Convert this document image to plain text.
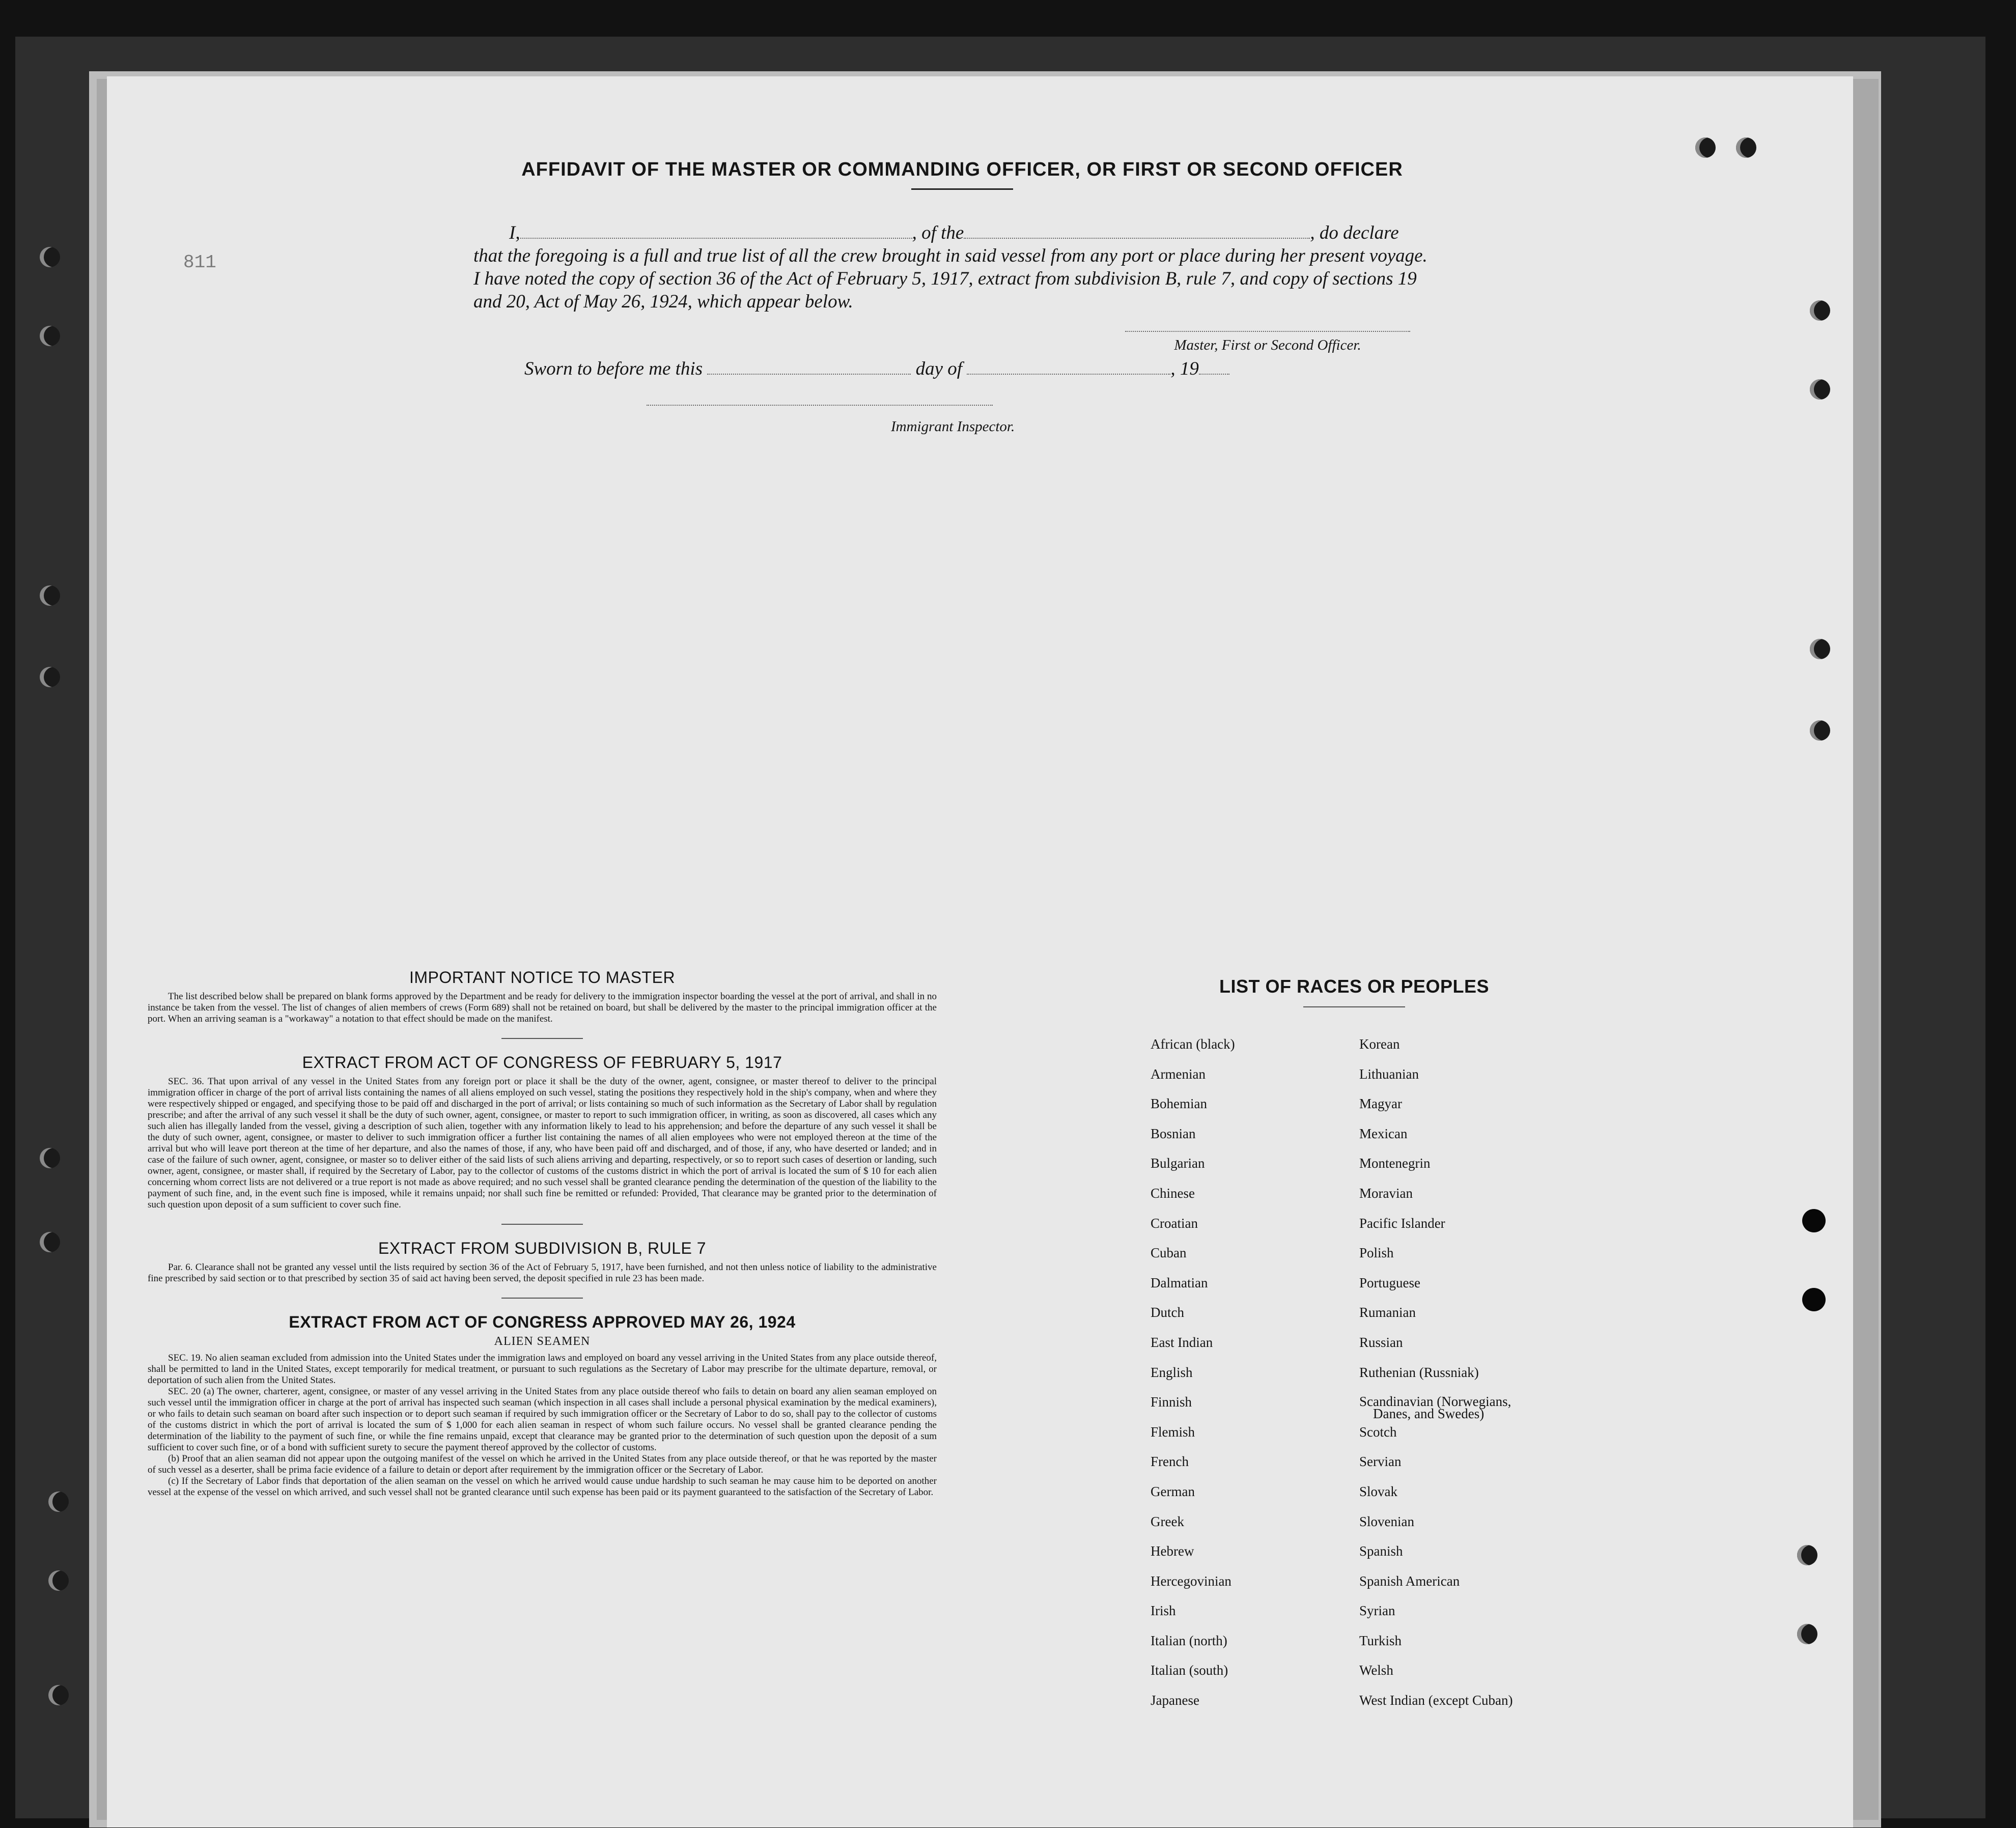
811
AFFIDAVIT OF THE MASTER OR COMMANDING OFFICER, OR FIRST OR SECOND OFFICER
I,	, of the	, do declare
that the foregoing is a full and true list of all the crew brought in said vessel from any port or place during her present voyage.
I have noted the copy of section 36 of the Act of February 5, 1917, extract from subdivision B, rule 7, and copy of sections 19
and 20, Act of May 26, 1924, which appear below.
Master, First or Second Officer.
Sworn to before me this	day of	, 19
Immigrant Inspector.

IMPORTANT NOTICE TO MASTER

The list described below shall be prepared on blank forms approved by the Department and be ready for delivery to the immigration inspector boarding the vessel at the port of arrival, and shall in no instance be taken from the vessel. The list of changes of alien members of crews (Form 689) shall not be retained on board, but shall be delivered by the master to the principal immigration officer at the port. When an arriving seaman is a "workaway" a notation to that effect should be made on the manifest.

EXTRACT FROM ACT OF CONGRESS OF FEBRUARY 5, 1917

SEC. 36. That upon arrival of any vessel in the United States from any foreign port or place it shall be the duty of the owner, agent, consignee, or master thereof to deliver to the principal immigration officer in charge of the port of arrival lists containing the names of all aliens employed on such vessel, stating the positions they respectively hold in the ship's company, when and where they were respectively shipped or engaged, and specifying those to be paid off and discharged in the port of arrival; or lists containing so much of such information as the Secretary of Labor shall by regulation prescribe; and after the arrival of any such vessel it shall be the duty of such owner, agent, consignee, or master to report to such immigration officer, in writing, as soon as discovered, all cases which any such alien has illegally landed from the vessel, giving a description of such alien, together with any information likely to lead to his apprehension; and before the departure of any such vessel it shall be the duty of such owner, agent, consignee, or master to deliver to such immigration officer a further list containing the names of all alien employees who were not employed thereon at the time of the arrival but who will leave port thereon at the time of her departure, and also the names of those, if any, who have been paid off and discharged, and of those, if any, who have deserted or landed; and in case of the failure of such owner, agent, consignee, or master so to deliver either of the said lists of such aliens arriving and departing, respectively, or so to report such cases of desertion or landing, such owner, agent, consignee, or master shall, if required by the Secretary of Labor, pay to the collector of customs of the customs district in which the port of arrival is located the sum of $ 10 for each alien concerning whom correct lists are not delivered or a true report is not made as above required; and no such vessel shall be granted clearance pending the determination of the question of the liability to the payment of such fine, and, in the event such fine is imposed, while it remains unpaid; nor shall such fine be remitted or refunded: Provided, That clearance may be granted prior to the determination of such question upon deposit of a sum sufficient to cover such fine.

EXTRACT FROM SUBDIVISION B, RULE 7

Par. 6. Clearance shall not be granted any vessel until the lists required by section 36 of the Act of February 5, 1917, have been furnished, and not then unless notice of liability to the administrative fine prescribed by said section or to that prescribed by section 35 of said act having been served, the deposit specified in rule 23 has been made.

EXTRACT FROM ACT OF CONGRESS APPROVED MAY 26, 1924

ALIEN SEAMEN

SEC. 19. No alien seaman excluded from admission into the United States under the immigration laws and employed on board any vessel arriving in the United States from any place outside thereof, shall be permitted to land in the United States, except temporarily for medical treatment, or pursuant to such regulations as the Secretary of Labor may prescribe for the ultimate departure, removal, or deportation of such alien from the United States.

SEC. 20 (a) The owner, charterer, agent, consignee, or master of any vessel arriving in the United States from any place outside thereof who fails to detain on board any alien seaman employed on such vessel until the immigration officer in charge at the port of arrival has inspected such seaman (which inspection in all cases shall include a personal physical examination by the medical examiners), or who fails to detain such seaman on board after such inspection or to deport such seaman if required by such immigration officer or the Secretary of Labor to do so, shall pay to the collector of customs of the customs district in which the port of arrival is located the sum of $ 1,000 for each alien seaman in respect of whom such failure occurs. No vessel shall be granted clearance pending the determination of the liability to the payment of such fine, or while the fine remains unpaid, except that clearance may be granted prior to the determination of such question upon the deposit of a sum sufficient to cover such fine, or of a bond with sufficient surety to secure the payment thereof approved by the collector of customs.

(b) Proof that an alien seaman did not appear upon the outgoing manifest of the vessel on which he arrived in the United States from any place outside thereof, or that he was reported by the master of such vessel as a deserter, shall be prima facie evidence of a failure to detain or deport after requirement by the immigration officer or the Secretary of Labor.

(c) If the Secretary of Labor finds that deportation of the alien seaman on the vessel on which he arrived would cause undue hardship to such seaman he may cause him to be deported on another vessel at the expense of the vessel on which arrived, and such vessel shall not be granted clearance until such expense has been paid or its payment guaranteed to the satisfaction of the Secretary of Labor.

LIST OF RACES OR PEOPLES
African (black)
Armenian
Bohemian
Bosnian
Bulgarian
Chinese
Croatian
Cuban
Dalmatian
Dutch
East Indian
English
Finnish
Flemish
French
German
Greek
Hebrew
Hercegovinian
Irish
Italian (north)
Italian (south)
Japanese
Korean
Lithuanian
Magyar
Mexican
Montenegrin
Moravian
Pacific Islander
Polish
Portuguese
Rumanian
Russian
Ruthenian (Russniak)
Scandinavian (Norwegians,
Danes, and Swedes)
Scotch
Servian
Slovak
Slovenian
Spanish
Spanish American
Syrian
Turkish
Welsh
West Indian (except Cuban)
